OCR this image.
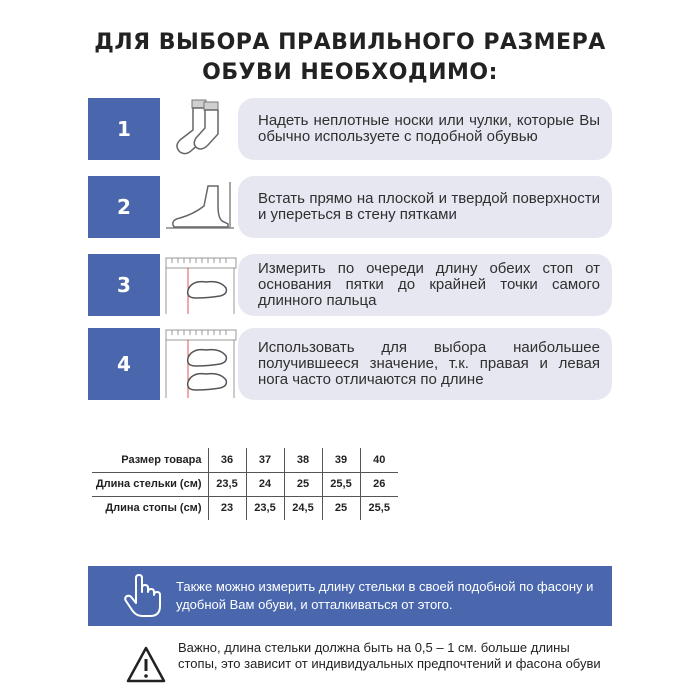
ДЛЯ ВЫБОРА ПРАВИЛЬНОГО РАЗМЕРА
ОБУВИ НЕОБХОДИМО:
1	Надеть неплотные носки или чулки, которые Вы обычно используете с подобной обувью
2	Встать прямо на плоской и твердой поверхности и упереться в стену пятками
3
Измерить по очереди длину обеих стоп от основания пятки до крайней точки самого длинного пальца
4
Использовать для выбора наибольшее получившееся значение, т.к. правая и левая нога часто отличаются по длине
Размер товара	36	37	38	39	40
Длина стельки (см)	23,5	24	25	25,5	26
Длина стопы (см)	23	23,5	24,5	25	25,5
Также можно измерить длину стельки в своей подобной по фасону и удобной Вам обуви, и отталкиваться от этого.
Важно, длина стельки должна быть на 0,5 – 1 см. больше длины стопы, это зависит от индивидуальных предпочтений и фасона обуви
